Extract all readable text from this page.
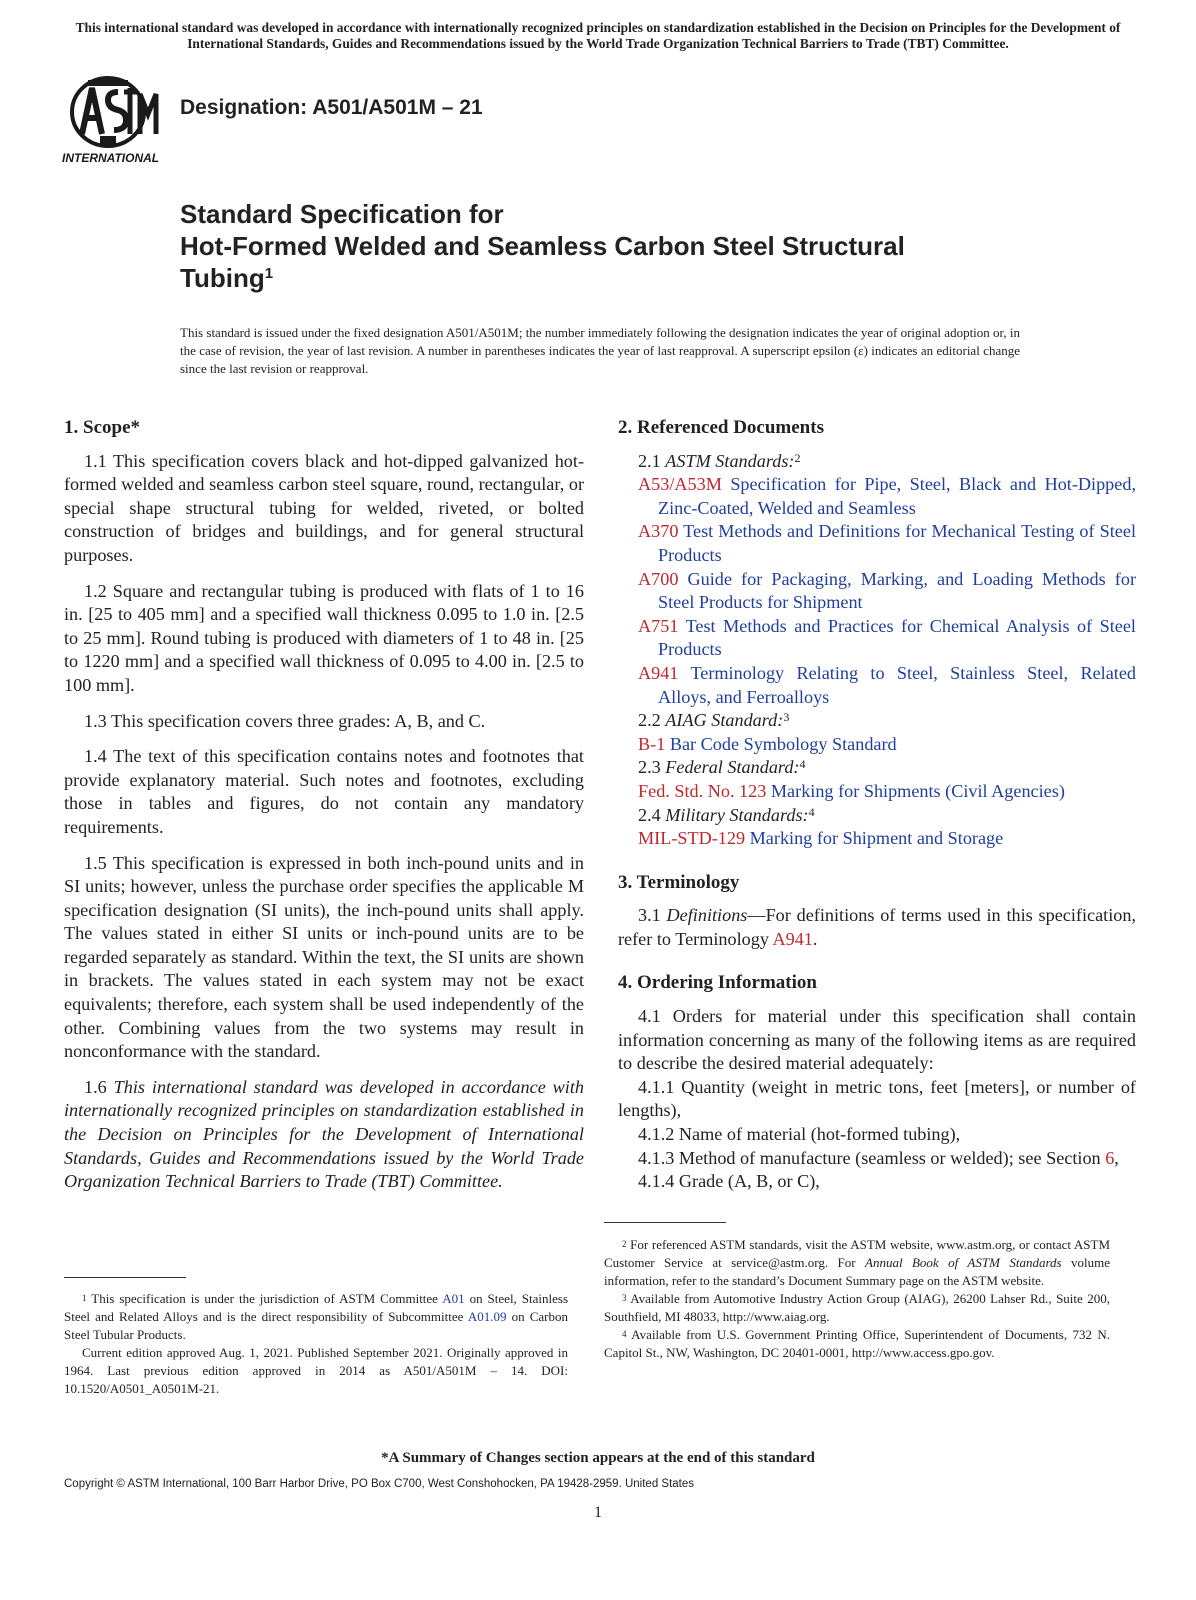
This international standard was developed in accordance with internationally recognized principles on standardization established in the Decision on Principles for the Development of International Standards, Guides and Recommendations issued by the World Trade Organization Technical Barriers to Trade (TBT) Committee.
INTERNATIONAL
Designation: A501/A501M – 21
Standard Specification for
Hot-Formed Welded and Seamless Carbon Steel Structural
Tubing$^1$
This standard is issued under the fixed designation A501/A501M; the number immediately following the designation indicates the year of original adoption or, in the case of revision, the year of last revision. A number in parentheses indicates the year of last reapproval. A superscript epsilon (ε) indicates an editorial change since the last revision or reapproval.
1. Scope*

1.1 This specification covers black and hot-dipped galvanized hot-formed welded and seamless carbon steel square, round, rectangular, or special shape structural tubing for welded, riveted, or bolted construction of bridges and buildings, and for general structural purposes.

1.2 Square and rectangular tubing is produced with flats of 1 to 16 in. [25 to 405 mm] and a specified wall thickness 0.095 to 1.0 in. [2.5 to 25 mm]. Round tubing is produced with diameters of 1 to 48 in. [25 to 1220 mm] and a specified wall thickness of 0.095 to 4.00 in. [2.5 to 100 mm].

1.3 This specification covers three grades: A, B, and C.

1.4 The text of this specification contains notes and footnotes that provide explanatory material. Such notes and footnotes, excluding those in tables and figures, do not contain any mandatory requirements.

1.5 This specification is expressed in both inch-pound units and in SI units; however, unless the purchase order specifies the applicable M specification designation (SI units), the inch-pound units shall apply. The values stated in either SI units or inch-pound units are to be regarded separately as standard. Within the text, the SI units are shown in brackets. The values stated in each system may not be exact equivalents; therefore, each system shall be used independently of the other. Combining values from the two systems may result in nonconformance with the standard.

1.6 This international standard was developed in accordance with internationally recognized principles on standardization established in the Decision on Principles for the Development of International Standards, Guides and Recommendations issued by the World Trade Organization Technical Barriers to Trade (TBT) Committee.

2. Referenced Documents

2.1 ASTM Standards:$^2$

A53/A53M Specification for Pipe, Steel, Black and Hot-Dipped, Zinc-Coated, Welded and Seamless

A370 Test Methods and Definitions for Mechanical Testing of Steel Products

A700 Guide for Packaging, Marking, and Loading Methods for Steel Products for Shipment

A751 Test Methods and Practices for Chemical Analysis of Steel Products

A941 Terminology Relating to Steel, Stainless Steel, Related Alloys, and Ferroalloys

2.2 AIAG Standard:$^3$

B-1 Bar Code Symbology Standard

2.3 Federal Standard:$^4$

Fed. Std. No. 123 Marking for Shipments (Civil Agencies)

2.4 Military Standards:$^4$

MIL-STD-129 Marking for Shipment and Storage

3. Terminology

3.1 Definitions—For definitions of terms used in this specification, refer to Terminology A941.

4. Ordering Information

4.1 Orders for material under this specification shall contain information concerning as many of the following items as are required to describe the desired material adequately:

4.1.1 Quantity (weight in metric tons, feet [meters], or number of lengths),

4.1.2 Name of material (hot-formed tubing),

4.1.3 Method of manufacture (seamless or welded); see Section 6,

4.1.4 Grade (A, B, or C),

$^1$ This specification is under the jurisdiction of ASTM Committee A01 on Steel, Stainless Steel and Related Alloys and is the direct responsibility of Subcommittee A01.09 on Carbon Steel Tubular Products.

Current edition approved Aug. 1, 2021. Published September 2021. Originally approved in 1964. Last previous edition approved in 2014 as A501/A501M – 14. DOI: 10.1520/A0501_A0501M-21.

$^2$ For referenced ASTM standards, visit the ASTM website, www.astm.org, or contact ASTM Customer Service at service@astm.org. For Annual Book of ASTM Standards volume information, refer to the standard’s Document Summary page on the ASTM website.

$^3$ Available from Automotive Industry Action Group (AIAG), 26200 Lahser Rd., Suite 200, Southfield, MI 48033, http://www.aiag.org.

$^4$ Available from U.S. Government Printing Office, Superintendent of Documents, 732 N. Capitol St., NW, Washington, DC 20401-0001, http://www.access.gpo.gov.

*A Summary of Changes section appears at the end of this standard
Copyright © ASTM International, 100 Barr Harbor Drive, PO Box C700, West Conshohocken, PA 19428-2959. United States
1
